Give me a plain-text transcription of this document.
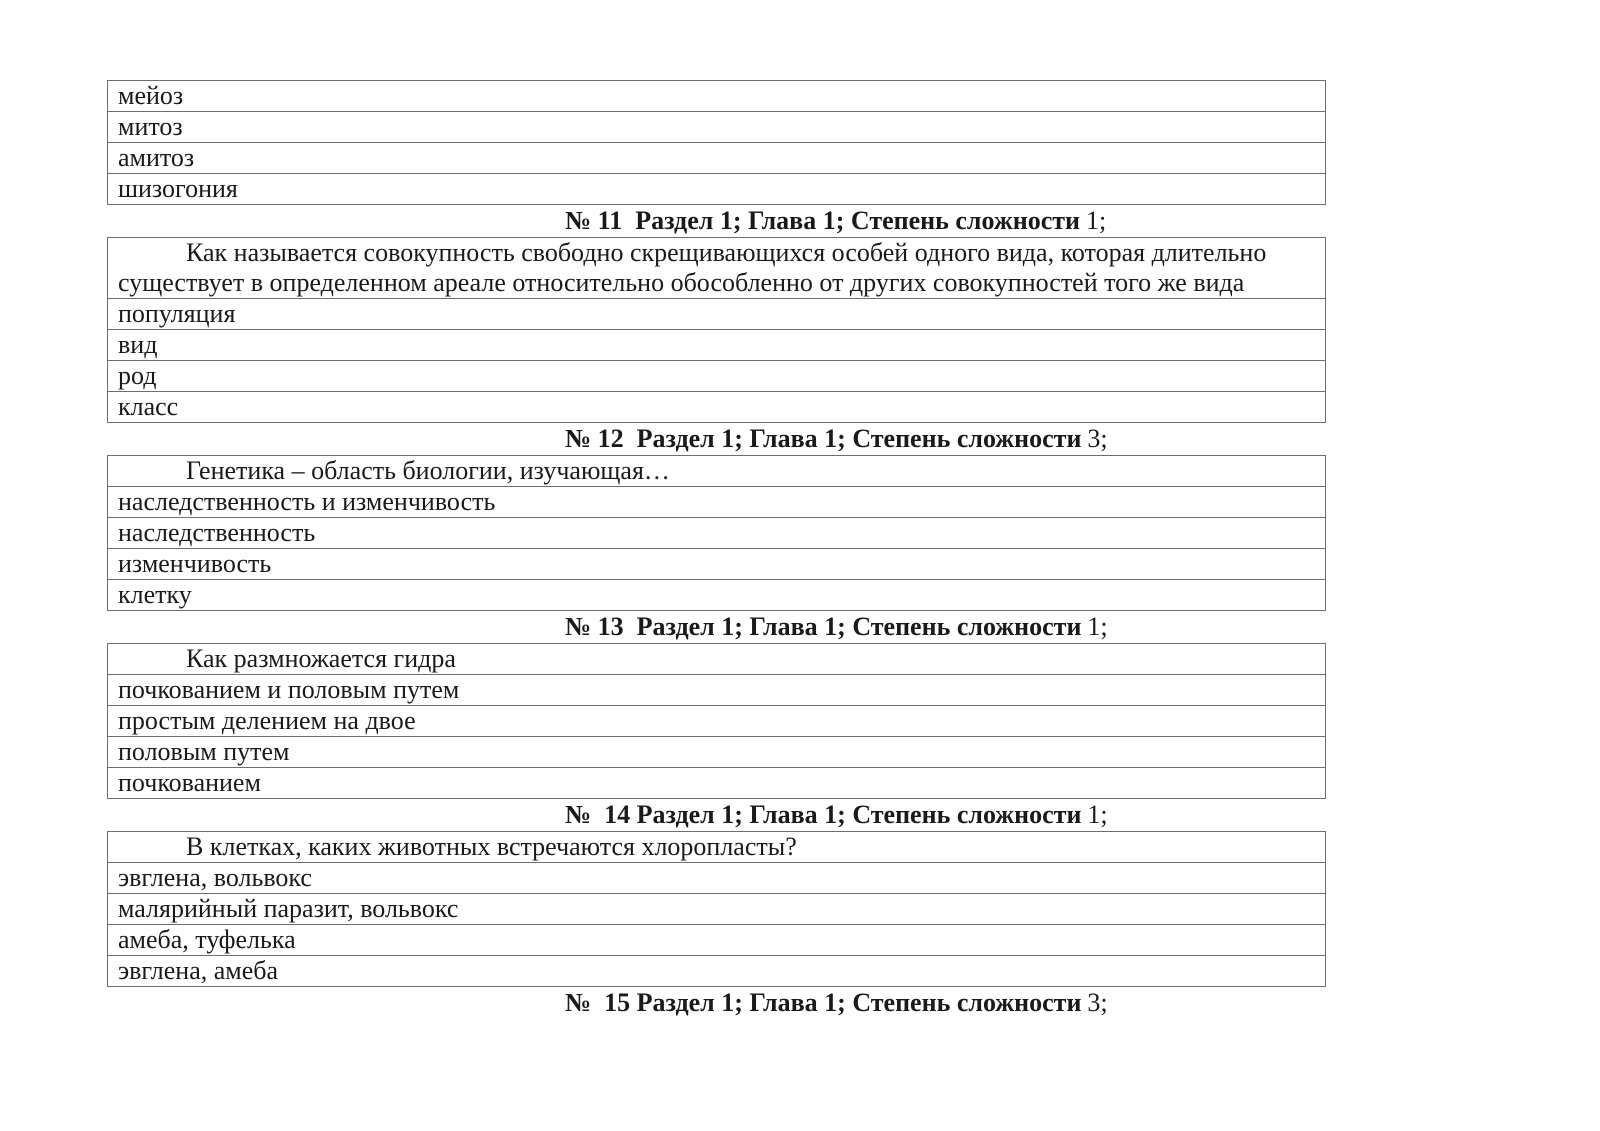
мейоз
митоз
амитоз
шизогония
№ 11  Раздел 1; Глава 1; Степень сложности 1;
Как называется совокупность свободно скрещивающихся особей одного вида, которая длительно существует в определенном ареале относительно обособленно от других совокупностей того же вида
популяция
вид
род
класс
№ 12  Раздел 1; Глава 1; Степень сложности 3;
Генетика – область биологии, изучающая…
наследственность и изменчивость
наследственность
изменчивость
клетку
№ 13  Раздел 1; Глава 1; Степень сложности 1;
Как размножается гидра
почкованием и половым путем
простым делением на двое
половым путем
почкованием
№  14 Раздел 1; Глава 1; Степень сложности 1;
В клетках, каких животных встречаются хлоропласты?
эвглена, вольвокс
малярийный паразит, вольвокс
амеба, туфелька
эвглена, амеба
№  15 Раздел 1; Глава 1; Степень сложности 3;
